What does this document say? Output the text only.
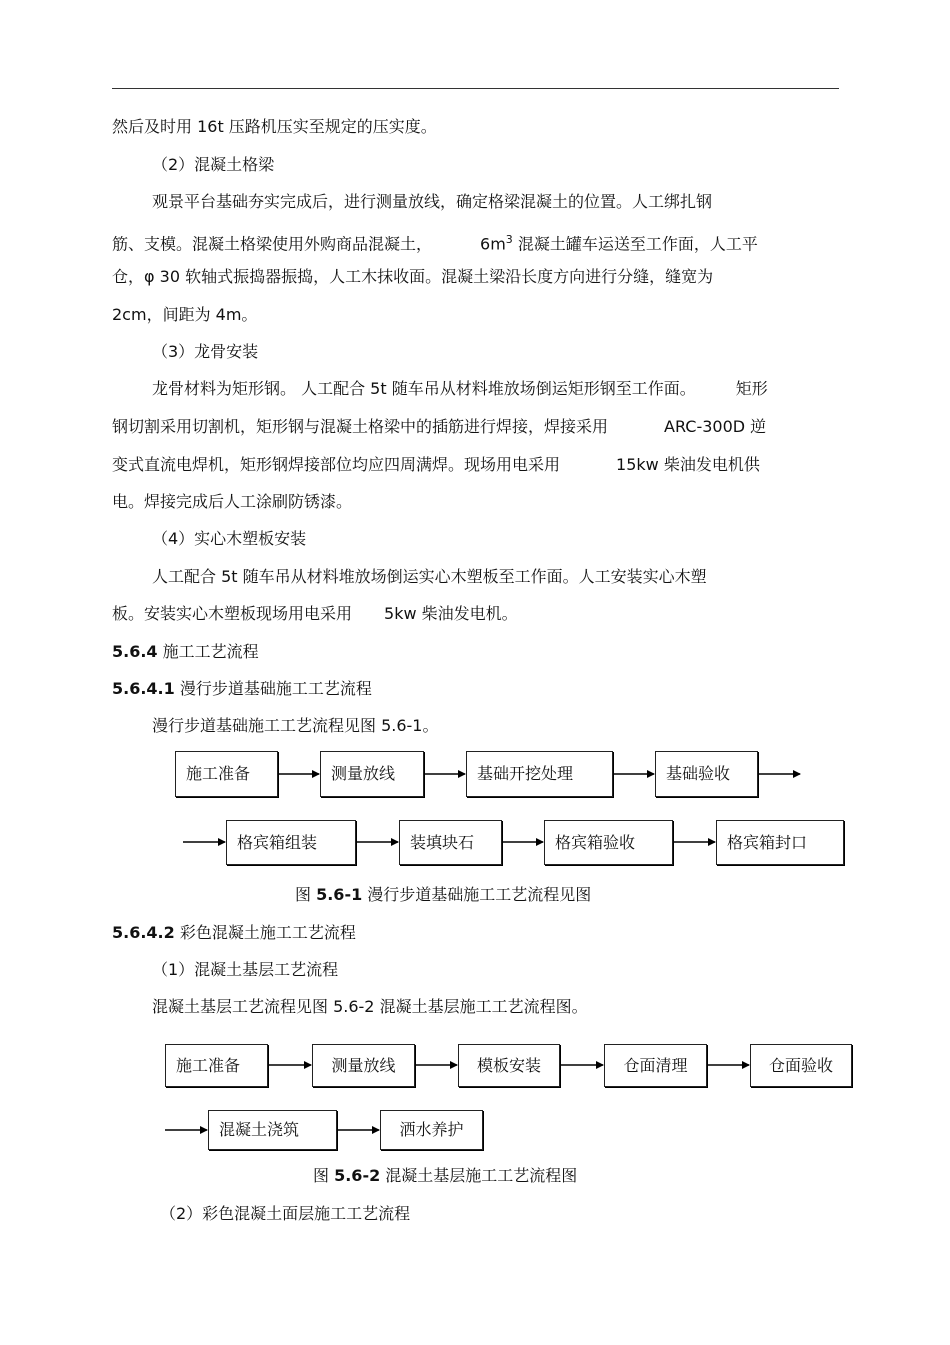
然后及时用 16t 压路机压实至规定的压实度。
（2）混凝土格梁
观景平台基础夯实完成后，进行测量放线，确定格梁混凝土的位置。人工绑扎钢
筋、支模。混凝土格梁使用外购商品混凝土，	$6m^3$ 混凝土罐车运送至工作面，人工平
仓，φ 30 软轴式振捣器振捣，人工木抹收面。混凝土梁沿长度方向进行分缝，缝宽为
2cm，间距为 4m。
（3）龙骨安装
龙骨材料为矩形钢。 人工配合 5t 随车吊从材料堆放场倒运矩形钢至工作面。	矩形
钢切割采用切割机，矩形钢与混凝土格梁中的插筋进行焊接，焊接采用	ARC-300D 逆
变式直流电焊机，矩形钢焊接部位均应四周满焊。现场用电采用	15kw 柴油发电机供
电。焊接完成后人工涂刷防锈漆。
（4）实心木塑板安装
人工配合 5t 随车吊从材料堆放场倒运实心木塑板至工作面。人工安装实心木塑
板。安装实心木塑板现场用电采用 5kw 柴油发电机。
5.6.4 施工工艺流程
5.6.4.1 漫行步道基础施工工艺流程
漫行步道基础施工工艺流程见图 5.6-1。
施工准备	测量放线	基础开挖处理	基础验收
格宾箱组装	装填块石	格宾箱验收	格宾箱封口
图 5.6-1 漫行步道基础施工工艺流程见图
5.6.4.2 彩色混凝土施工工艺流程
（1）混凝土基层工艺流程
混凝土基层工艺流程见图 5.6-2 混凝土基层施工工艺流程图。
施工准备	测量放线	模板安装	仓面清理	仓面验收
混凝土浇筑	洒水养护
图 5.6-2 混凝土基层施工工艺流程图
（2）彩色混凝土面层施工工艺流程
